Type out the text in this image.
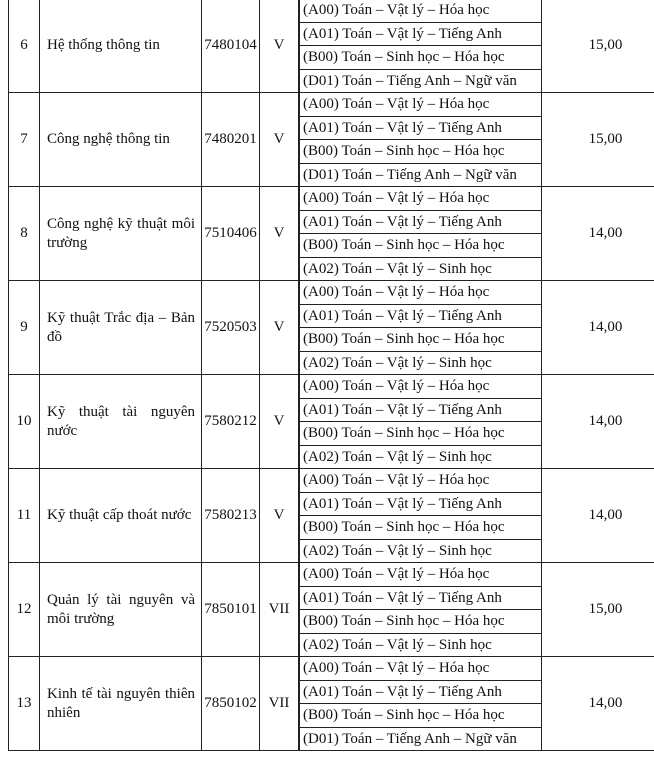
6	Hệ thống thông tin	7480104	V	(A00) Toán – Vật lý – Hóa học	15,00
				(A01) Toán – Vật lý – Tiếng Anh	
				(B00) Toán – Sinh học – Hóa học	
				(D01) Toán – Tiếng Anh – Ngữ văn	
7	Công nghệ thông tin	7480201	V	(A00) Toán – Vật lý – Hóa học	15,00
				(A01) Toán – Vật lý – Tiếng Anh	
				(B00) Toán – Sinh học – Hóa học	
				(D01) Toán – Tiếng Anh – Ngữ văn	
8	Công nghệ kỹ thuật môi trường	7510406	V	(A00) Toán – Vật lý – Hóa học	14,00
				(A01) Toán – Vật lý – Tiếng Anh	
				(B00) Toán – Sinh học – Hóa học	
				(A02) Toán – Vật lý – Sinh học	
9	Kỹ thuật Trắc địa – Bản đồ	7520503	V	(A00) Toán – Vật lý – Hóa học	14,00
				(A01) Toán – Vật lý – Tiếng Anh	
				(B00) Toán – Sinh học – Hóa học	
				(A02) Toán – Vật lý – Sinh học	
10	Kỹ thuật tài nguyên nước	7580212	V	(A00) Toán – Vật lý – Hóa học	14,00
				(A01) Toán – Vật lý – Tiếng Anh	
				(B00) Toán – Sinh học – Hóa học	
				(A02) Toán – Vật lý – Sinh học	
11	Kỹ thuật cấp thoát nước	7580213	V	(A00) Toán – Vật lý – Hóa học	14,00
				(A01) Toán – Vật lý – Tiếng Anh	
				(B00) Toán – Sinh học – Hóa học	
				(A02) Toán – Vật lý – Sinh học	
12	Quản lý tài nguyên và môi trường	7850101	VII	(A00) Toán – Vật lý – Hóa học	15,00
				(A01) Toán – Vật lý – Tiếng Anh	
				(B00) Toán – Sinh học – Hóa học	
				(A02) Toán – Vật lý – Sinh học	
13	Kinh tế tài nguyên thiên nhiên	7850102	VII	(A00) Toán – Vật lý – Hóa học	14,00
				(A01) Toán – Vật lý – Tiếng Anh	
				(B00) Toán – Sinh học – Hóa học	
				(D01) Toán – Tiếng Anh – Ngữ văn	
